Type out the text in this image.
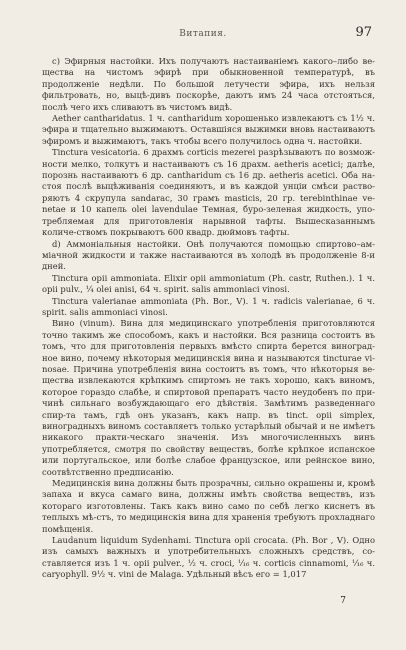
Витапия.	97

c) Эфирныя настойки. Ихъ получаютъ настаиваніемъ какого–либо ве-щества на чистомъ эфирѣ при обыкновенной температурѣ, въ продолженіе недѣли. По большой летучести эфира, ихъ нельзя фильтровать, но, выцѣ-дивъ поскорѣе, даютъ имъ 24 часа отстояться, послѣ чего ихъ сливаютъ въ чистомъ видѣ.

Aether cantharidatus. 1 ч. cantharidum хорошенько извлекаютъ съ 1⅟₂ ч. эфира и тщательно выжимаютъ. Оставшіяся выжимки вновь настаиваютъ эфиромъ и выжимаютъ, такъ чтобы всего получилось одна ч. настойки.

Tinctura vesicatoria. 6 драхмъ corticis mezerei разрѣзываютъ по возмож-ности мелко, толкутъ и настаиваютъ съ 16 драхм. aetheris acetici; далѣе, порознь настаиваютъ 6 др. cantharidum съ 16 др. aetheris acetici. Оба на-стоя послѣ выцѣживанія соединяютъ, и въ каждой унціи смѣси раство-ряютъ 4 скрупула sandarac, 30 грамъ masticis, 20 гр. terebinthinae ve-netae и 10 капель olei lavendulae Темная, буро-зеленая жидкость, упо-требляемая для приготовленія нарывной тафты. Вышесказаннымъ количе-ствомъ покрываютъ 600 квадр. дюймовъ тафты.

d) Аммоніальныя настойки. Онѣ получаются помощью спиртово–ам-міачной жидкости и также настаиваются въ холодѣ въ продолженіе 8-и дней.

Tinctura opii ammoniata. Elixir opii ammoniatum (Ph. castr, Ruthen.). 1 ч. opii pulv., ⅟₄ olei anisi, 64 ч. spirit. salis ammoniaci vinosi.

Tinctura valerianae ammoniata (Ph. Bor., V). 1 ч. radicis valerianae, 6 ч. spirit. salis ammoniaci vinosi.

Вино (vinum). Вина для медицинскаго употребленія приготовляются точно такимъ же способомъ, какъ и настойки. Вся разница состоитъ въ томъ, что для приготовленія первыхъ вмѣсто спирта берется виноград-ное вино, почему нѣкоторыя медицинскія вина и называются tincturae vi-nosae. Причина употребленія вина состоитъ въ томъ, что нѣкоторыя ве-щества извлекаются крѣпкимъ спиртомъ не такъ хорошо, какъ виномъ, которое гораздо слабѣе, и спиртовой препаратъ часто неудобенъ по при-чинѣ сильнаго возбуждающаго его дѣйствія. Замѣтимъ разведеннаго спир-та тамъ, гдѣ онъ указанъ, какъ напр. въ tinct. opii simplex, виноградныхъ виномъ составляетъ только устарѣлый обычай и не имѣетъ никакого практи-ческаго значенія. Изъ многочисленныхъ винъ употребляется, смотря по свойству веществъ, болѣе крѣпкое испанское или португальское, или болѣе слабое французское, или рейнское вино, соотвѣтственно предписанію.

Медицинскія вина должны быть прозрачны, сильно окрашены и, кромѣ запаха и вкуса самаго вина, должны имѣть свойства веществъ, изъ котораго изготовлены. Такъ какъ вино само по себѣ легко киснетъ въ теплыхъ мѣ-стъ, то медицинскія вина для храненія требуютъ прохладнаго помѣщенія.

Laudanum liquidum Sydenhami. Tinctura opii crocata. (Ph. Bor , V). Одно изъ самыхъ важныхъ и употребительныхъ сложныхъ средствъ, со-ставляется изъ 1 ч. opii pulver., ⅟₂ ч. croci, ⅟₁₆ ч. corticis cinnamomi, ⅟₁₆ ч. caryophyll. 9⅟₂ ч. vini de Malaga. Удѣльный вѣсъ его = 1,017

7
